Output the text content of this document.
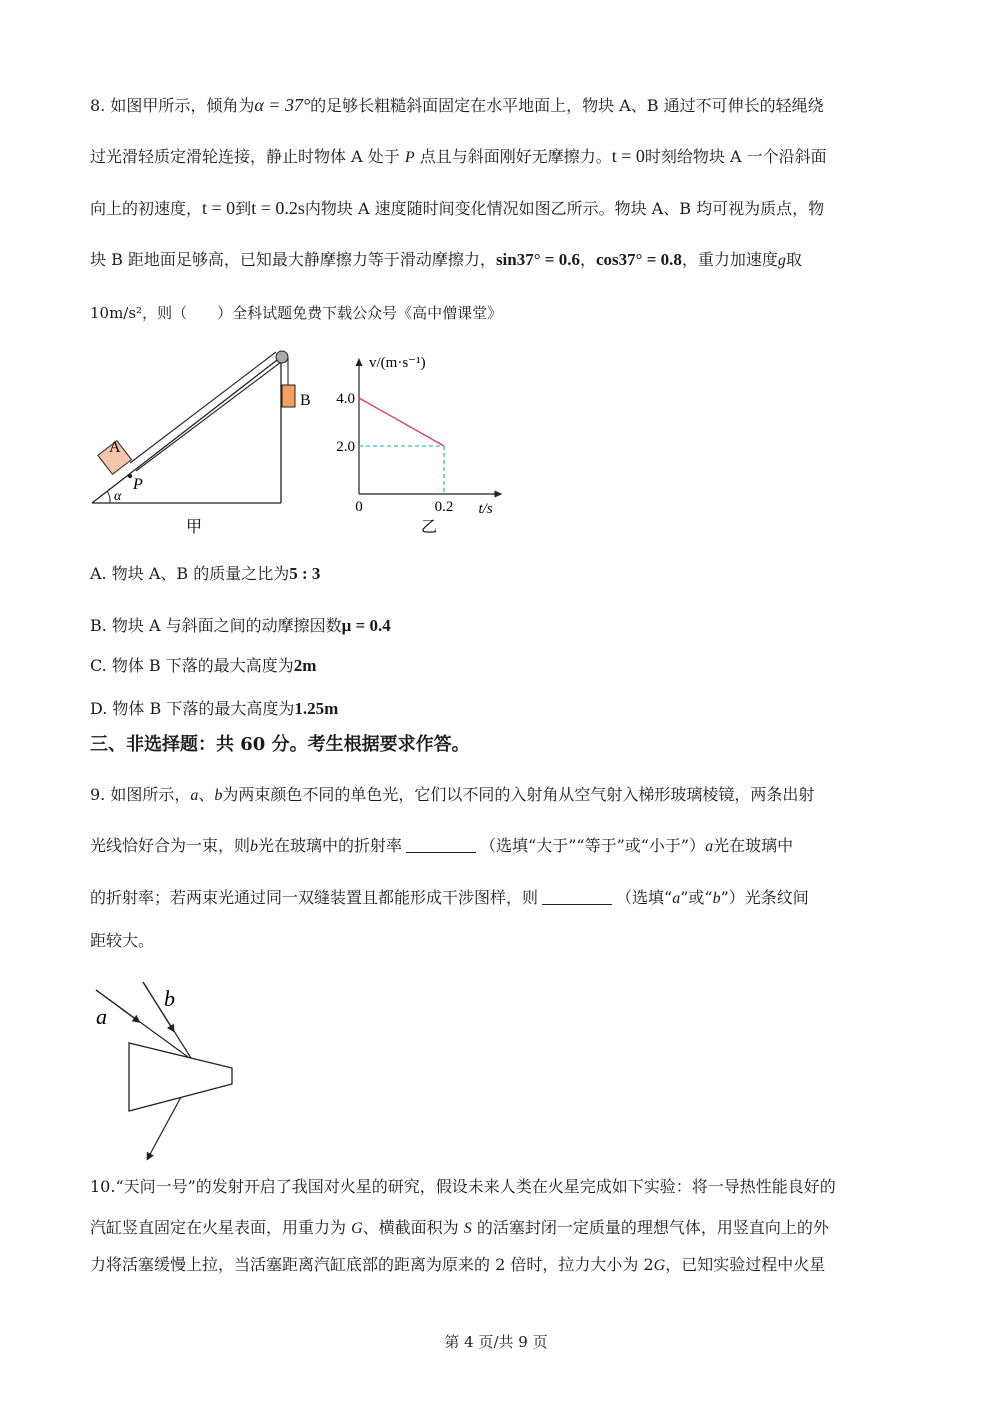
8. 如图甲所示，倾角为α = 37°的足够长粗糙斜面固定在水平地面上，物块 A、B 通过不可伸长的轻绳绕
过光滑轻质定滑轮连接，静止时物体 A 处于 P 点且与斜面刚好无摩擦力。t = 0时刻给物块 A 一个沿斜面
向上的初速度，t = 0到t = 0.2s内物块 A 速度随时间变化情况如图乙所示。物块 A、B 均可视为质点，物
块 B 距地面足够高，已知最大静摩擦力等于滑动摩擦力，sin37° = 0.6，cos37° = 0.8，重力加速度g取
10m/s²，则（　　）全科试题免费下载公众号《高中僧课堂》
B
A
P
α
甲
v/(m·s⁻¹)
t/s
2.0
4.0
0	0.2
乙
A. 物块 A、B 的质量之比为5 : 3
B. 物块 A 与斜面之间的动摩擦因数μ = 0.4
C. 物体 B 下落的最大高度为2m
D. 物体 B 下落的最大高度为1.25m
三、非选择题：共 60 分。考生根据要求作答。
9. 如图所示，a、b为两束颜色不同的单色光，它们以不同的入射角从空气射入梯形玻璃棱镜，两条出射
光线恰好合为一束，则b光在玻璃中的折射率	（选填“大于”“等于”或“小于”）a光在玻璃中
的折射率；若两束光通过同一双缝装置且都能形成干涉图样，则	（选填“a”或“b”）光条纹间
距较大。
a
b
10.“天问一号”的发射开启了我国对火星的研究，假设未来人类在火星完成如下实验：将一导热性能良好的
汽缸竖直固定在火星表面，用重力为 G、横截面积为 S 的活塞封闭一定质量的理想气体，用竖直向上的外
力将活塞缓慢上拉，当活塞距离汽缸底部的距离为原来的 2 倍时，拉力大小为 2G，已知实验过程中火星
第 4 页/共 9 页
